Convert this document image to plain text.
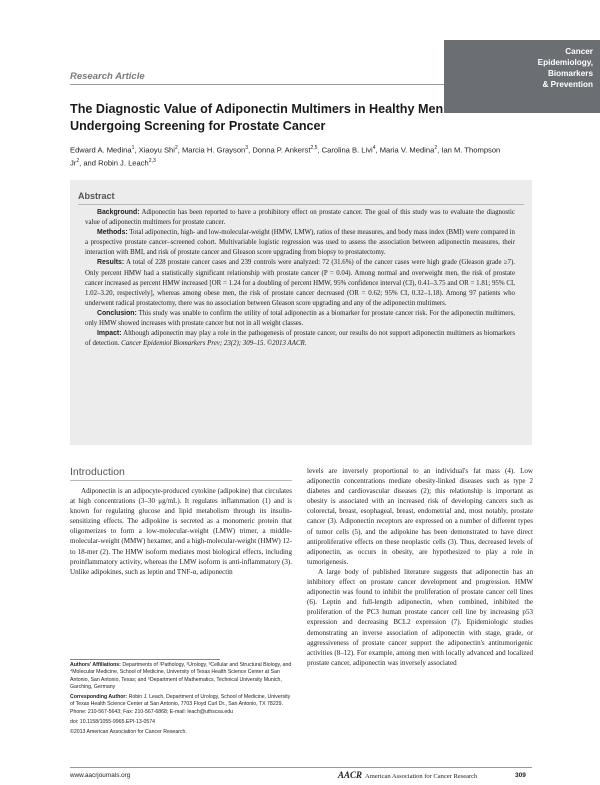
Cancer
Epidemiology,
Biomarkers
& Prevention
Research Article
The Diagnostic Value of Adiponectin Multimers in Healthy Men Undergoing Screening for Prostate Cancer
Edward A. Medina$^1$, Xiaoyu Shi$^2$, Marcia H. Grayson$^3$, Donna P. Ankerst$^{2,5}$, Carolina B. Livi$^4$, Maria V. Medina$^2$, Ian M. Thompson Jr$^2$, and Robin J. Leach$^{2,3}$
Abstract

Background: Adiponectin has been reported to have a prohibitory effect on prostate cancer. The goal of this study was to evaluate the diagnostic value of adiponectin multimers for prostate cancer.

Methods: Total adiponectin, high- and low-molecular-weight (HMW, LMW), ratios of these measures, and body mass index (BMI) were compared in a prospective prostate cancer–screened cohort. Multivariable logistic regression was used to assess the association between adiponectin measures, their interaction with BMI, and risk of prostate cancer and Gleason score upgrading from biopsy to prostatectomy.

Results: A total of 228 prostate cancer cases and 239 controls were analyzed: 72 (31.6%) of the cancer cases were high grade (Gleason grade ≥7). Only percent HMW had a statistically significant relationship with prostate cancer (P = 0.04). Among normal and overweight men, the risk of prostate cancer increased as percent HMW increased [OR = 1.24 for a doubling of percent HMW, 95% confidence interval (CI), 0.41–3.75 and OR = 1.81; 95% CI, 1.02–3.20, respectively], whereas among obese men, the risk of prostate cancer decreased (OR = 0.62; 95% CI, 0.32–1.18). Among 97 patients who underwent radical prostatectomy, there was no association between Gleason score upgrading and any of the adiponectin multimers.

Conclusion: This study was unable to confirm the utility of total adiponectin as a biomarker for prostate cancer risk. For the adiponectin multimers, only HMW showed increases with prostate cancer but not in all weight classes.

Impact: Although adiponectin may play a role in the pathogenesis of prostate cancer, our results do not support adiponectin multimers as biomarkers of detection. Cancer Epidemiol Biomarkers Prev; 23(2); 309–15. ©2013 AACR.

Introduction

Adiponectin is an adipocyte-produced cytokine (adipokine) that circulates at high concentrations (3–30 μg/mL). It regulates inflammation (1) and is known for regulating glucose and lipid metabolism through its insulin-sensitizing effects. The adipokine is secreted as a monomeric protein that oligomerizes to form a low-molecular-weight (LMW) trimer, a middle-molecular-weight (MMW) hexamer, and a high-molecular-weight (HMW) 12- to 18-mer (2). The HMW isoform mediates most biological effects, including proinflammatory activity, whereas the LMW isoform is anti-inflammatory (3). Unlike adipokines, such as leptin and TNF-α, adiponectin

levels are inversely proportional to an individual's fat mass (4). Low adiponectin concentrations mediate obesity-linked diseases such as type 2 diabetes and cardiovascular diseases (2); this relationship is important as obesity is associated with an increased risk of developing cancers such as colorectal, breast, esophageal, breast, endometrial and, most notably, prostate cancer (3). Adiponectin receptors are expressed on a number of different types of tumor cells (5), and the adipokine has been demonstrated to have direct antiproliferative effects on these neoplastic cells (3). Thus, decreased levels of adiponectin, as occurs in obesity, are hypothesized to play a role in tumorigenesis.

A large body of published literature suggests that adiponectin has an inhibitory effect on prostate cancer development and progression. HMW adiponectin was found to inhibit the proliferation of prostate cancer cell lines (6). Leptin and full-length adiponectin, when combined, inhibited the proliferation of the PC3 human prostate cancer cell line by increasing p53 expression and decreasing BCL2 expression (7). Epidemiologic studies demonstrating an inverse association of adiponectin with stage, grade, or aggressiveness of prostate cancer support the adiponectin's antitumorigenic activities (8–12). For example, among men with locally advanced and localized prostate cancer, adiponectin was inversely associated

Authors' Affiliations: Departments of ¹Pathology, ²Urology, ³Cellular and Structural Biology, and ⁴Molecular Medicine, School of Medicine, University of Texas Health Science Center at San Antonio, San Antonio, Texas; and ⁵Department of Mathematics, Technical University Munich, Garching, Germany

Corresponding Author: Robin J. Leach, Department of Urology, School of Medicine, University of Texas Health Science Center at San Antonio, 7703 Floyd Curl Dr., San Antonio, TX 78229. Phone: 210-567-5643; Fax: 210-567-6868; E-mail: leach@uthscsa.edu

doi: 10.1158/1055-9965.EPI-13-0574

©2013 American Association for Cancer Research.

www.aacrjournals.org	AACR American Association for Cancer Research	309
